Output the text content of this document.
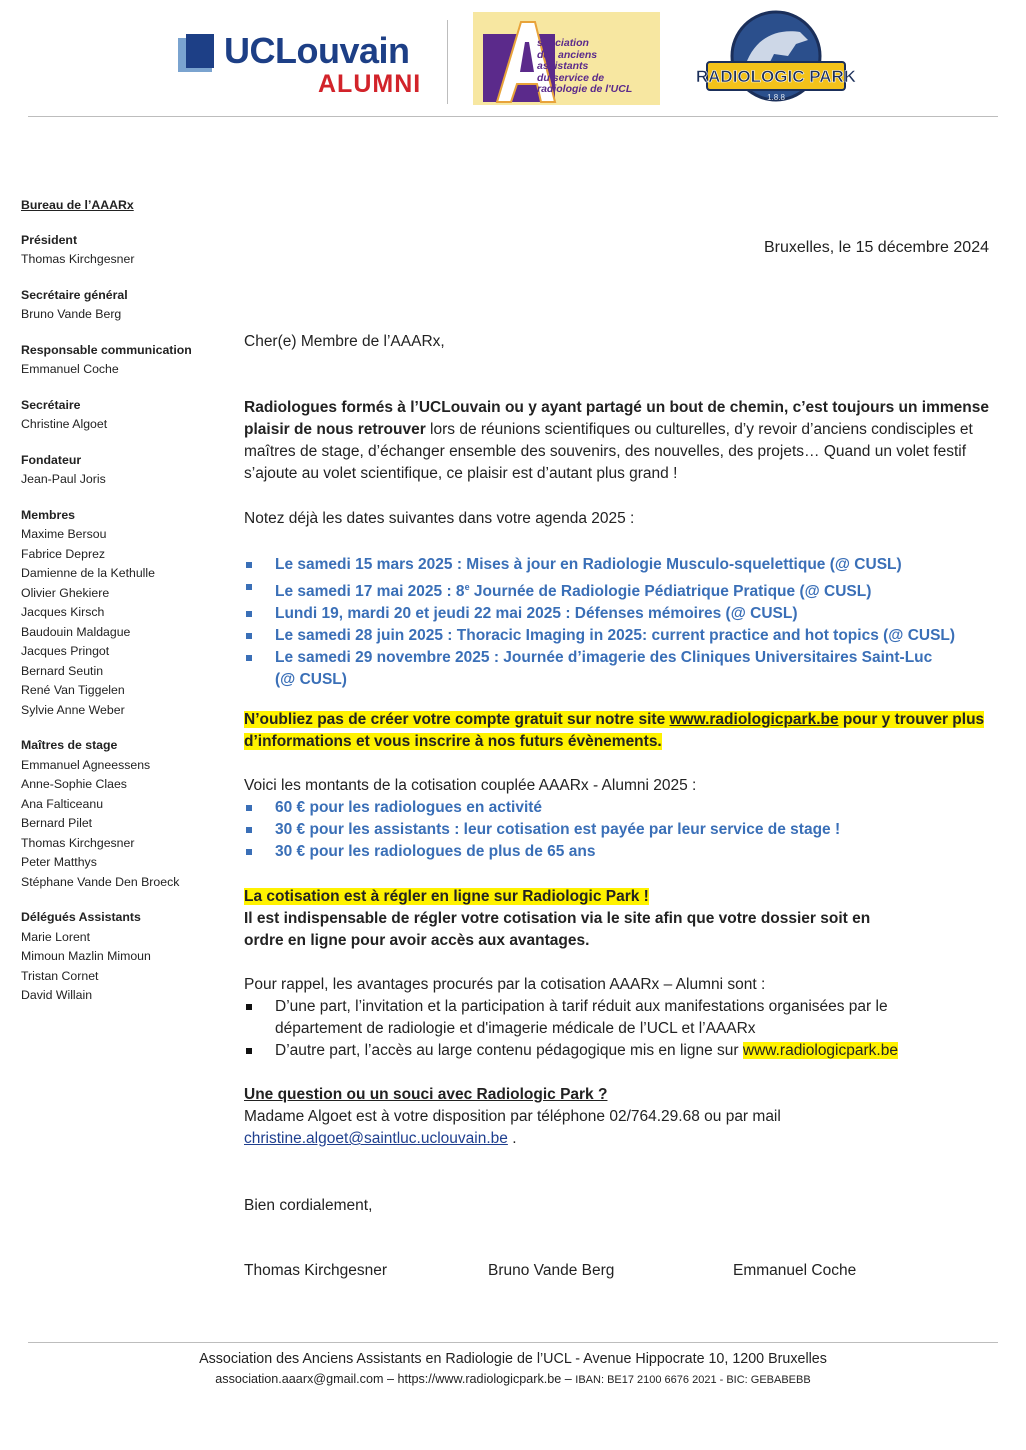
UCLouvain
ALUMNI
ssociation
des anciens
assistants
du service de
radiologie de l'UCL
RADIOLOGIC PARK
1.8.8
Bureau de l’AAARx
Président
Thomas Kirchgesner
Secrétaire général
Bruno Vande Berg
Responsable communication
Emmanuel Coche
Secrétaire
Christine Algoet
Fondateur
Jean-Paul Joris
Membres
Maxime Bersou
Fabrice Deprez
Damienne de la Kethulle
Olivier Ghekiere
Jacques Kirsch
Baudouin Maldague
Jacques Pringot
Bernard Seutin
René Van Tiggelen
Sylvie Anne Weber
Maîtres de stage
Emmanuel Agneessens
Anne-Sophie Claes
Ana Falticeanu
Bernard Pilet
Thomas Kirchgesner
Peter Matthys
Stéphane Vande Den Broeck
Délégués Assistants
Marie Lorent
Mimoun Mazlin Mimoun
Tristan Cornet
David Willain
Bruxelles, le 15 décembre 2024
Cher(e) Membre de l’AAARx,
Radiologues formés à l’UCLouvain ou y ayant partagé un bout de chemin, c’est toujours un immense plaisir de nous retrouver lors de réunions scientifiques ou culturelles, d’y revoir d’anciens condisciples et maîtres de stage, d’échanger ensemble des souvenirs, des nouvelles, des projets… Quand un volet festif s’ajoute au volet scientifique, ce plaisir est d’autant plus grand !
Notez déjà les dates suivantes dans votre agenda 2025 :
Le samedi 15 mars 2025 : Mises à jour en Radiologie Musculo-squelettique (@ CUSL)
Le samedi 17 mai 2025 : 8e Journée de Radiologie Pédiatrique Pratique (@ CUSL)
Lundi 19, mardi 20 et jeudi 22 mai 2025 : Défenses mémoires (@ CUSL)
Le samedi 28 juin 2025 : Thoracic Imaging in 2025: current practice and hot topics (@ CUSL)
Le samedi 29 novembre 2025 : Journée d’imagerie des Cliniques Universitaires Saint-Luc (@ CUSL)
N’oubliez pas de créer votre compte gratuit sur notre site www.radiologicpark.be pour y trouver plus d’informations et vous inscrire à nos futurs évènements.
Voici les montants de la cotisation couplée AAARx - Alumni 2025 :
60 € pour les radiologues en activité
30 € pour les assistants : leur cotisation est payée par leur service de stage !
30 € pour les radiologues de plus de 65 ans
La cotisation est à régler en ligne sur Radiologic Park !
Il est indispensable de régler votre cotisation via le site afin que votre dossier soit en ordre en ligne pour avoir accès aux avantages.
Pour rappel, les avantages procurés par la cotisation AAARx – Alumni sont :
D’une part, l’invitation et la participation à tarif réduit aux manifestations organisées par le département de radiologie et d'imagerie médicale de l’UCL et l’AAARx
D’autre part, l’accès au large contenu pédagogique mis en ligne sur www.radiologicpark.be
Une question ou un souci avec Radiologic Park ?
Madame Algoet est à votre disposition par téléphone 02/764.29.68 ou par mail
christine.algoet@saintluc.uclouvain.be .
Bien cordialement,
Thomas Kirchgesner	Bruno Vande Berg	Emmanuel Coche
Association des Anciens Assistants en Radiologie de l’UCL - Avenue Hippocrate 10, 1200 Bruxelles
association.aaarx@gmail.com – https://www.radiologicpark.be – IBAN: BE17 2100 6676 2021 - BIC: GEBABEBB
